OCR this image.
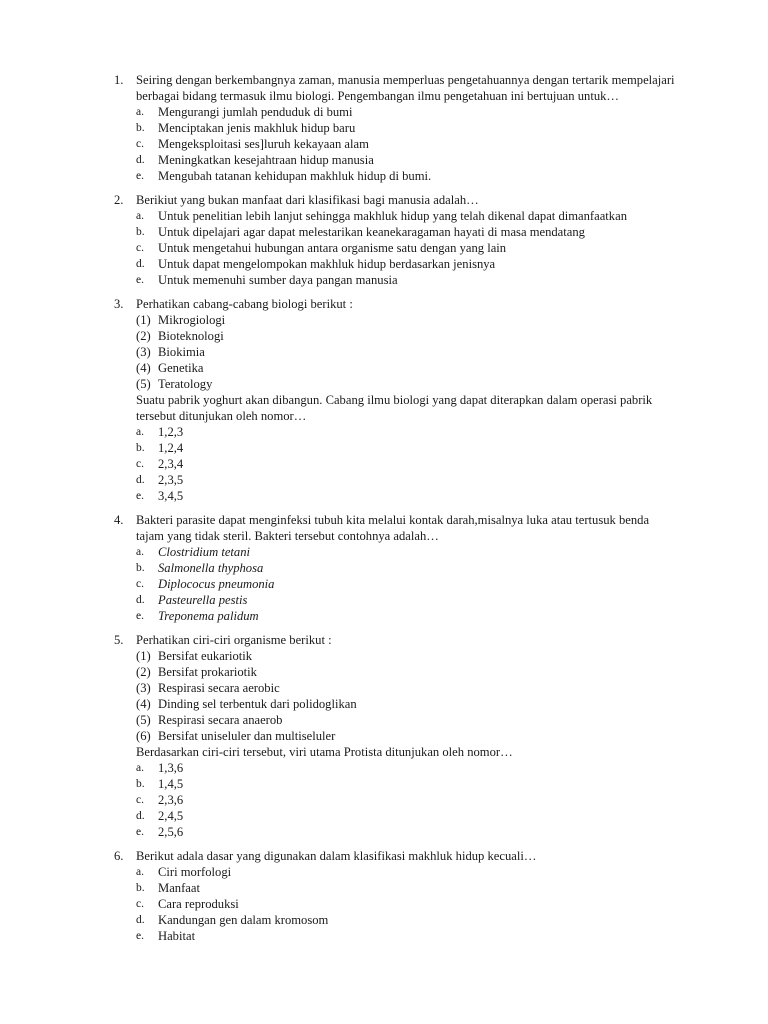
1. Seiring dengan berkembangnya zaman, manusia memperluas pengetahuannya dengan tertarik mempelajari berbagai bidang termasuk ilmu biologi. Pengembangan ilmu pengetahuan ini bertujuan untuk…
a.	Mengurangi jumlah penduduk di bumi
b.	Menciptakan jenis makhluk hidup baru
c.	Mengeksploitasi ses]luruh kekayaan alam
d.	Meningkatkan kesejahtraan hidup manusia
e.	Mengubah tatanan kehidupan makhluk hidup di bumi.
2. Berikiut yang bukan manfaat dari klasifikasi bagi manusia adalah…
a.	Untuk penelitian lebih lanjut sehingga makhluk hidup yang telah dikenal dapat dimanfaatkan
b.	Untuk dipelajari agar dapat melestarikan keanekaragaman hayati di masa mendatang
c.	Untuk mengetahui hubungan antara organisme satu dengan yang lain
d.	Untuk dapat mengelompokan makhluk hidup berdasarkan jenisnya
e.	Untuk memenuhi sumber daya pangan manusia
3. Perhatikan cabang-cabang biologi berikut :
(1) Mikrogiologi
(2) Bioteknologi
(3) Biokimia
(4) Genetika
(5) Teratology
Suatu pabrik yoghurt akan dibangun. Cabang ilmu biologi yang dapat diterapkan dalam operasi pabrik tersebut ditunjukan oleh nomor…
a.	1,2,3
b.	1,2,4
c.	2,3,4
d.	2,3,5
e.	3,4,5
4. Bakteri parasite dapat menginfeksi tubuh kita melalui kontak darah,misalnya luka atau tertusuk benda tajam yang tidak steril. Bakteri tersebut contohnya adalah…
a.	Clostridium tetani
b.	Salmonella thyphosa
c.	Diplococus pneumonia
d.	Pasteurella pestis
e.	Treponema palidum
5. Perhatikan ciri-ciri organisme berikut :
(1) Bersifat eukariotik
(2) Bersifat prokariotik
(3) Respirasi secara aerobic
(4) Dinding sel terbentuk dari polidoglikan
(5) Respirasi secara anaerob
(6) Bersifat uniseluler dan multiseluler
Berdasarkan ciri-ciri tersebut, viri utama Protista ditunjukan oleh nomor…
a.	1,3,6
b.	1,4,5
c.	2,3,6
d.	2,4,5
e.	2,5,6
6. Berikut adala dasar yang digunakan dalam klasifikasi makhluk hidup kecuali…
a.	Ciri morfologi
b.	Manfaat
c.	Cara reproduksi
d.	Kandungan gen dalam kromosom
e.	Habitat
